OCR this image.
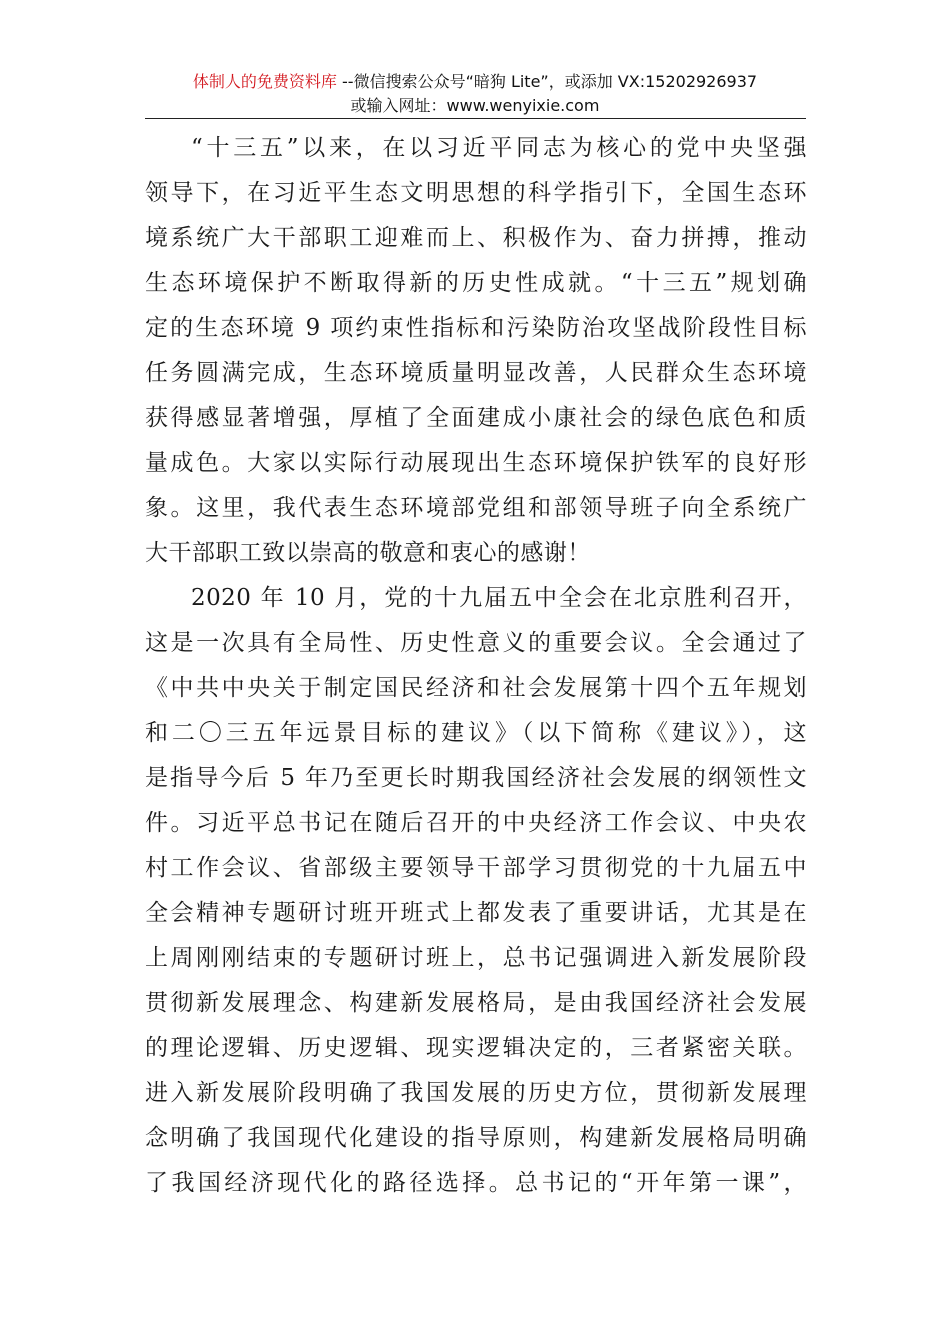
体制人的免费资料库 --微信搜索公众号“暗狗 Lite”，或添加 VX:15202926937
或输入网址：www.wenyixie.com
“十三五”以来，在以习近平同志为核心的党中央坚强
领导下，在习近平生态文明思想的科学指引下，全国生态环
境系统广大干部职工迎难而上、积极作为、奋力拼搏，推动
生态环境保护不断取得新的历史性成就。“十三五”规划确
定的生态环境 9 项约束性指标和污染防治攻坚战阶段性目标
任务圆满完成，生态环境质量明显改善，人民群众生态环境
获得感显著增强，厚植了全面建成小康社会的绿色底色和质
量成色。大家以实际行动展现出生态环境保护铁军的良好形
象。这里，我代表生态环境部党组和部领导班子向全系统广
大干部职工致以崇高的敬意和衷心的感谢！
2020 年 10 月，党的十九届五中全会在北京胜利召开，
这是一次具有全局性、历史性意义的重要会议。全会通过了
《中共中央关于制定国民经济和社会发展第十四个五年规划
和二〇三五年远景目标的建议》（以下简称《建议》），这
是指导今后 5 年乃至更长时期我国经济社会发展的纲领性文
件。习近平总书记在随后召开的中央经济工作会议、中央农
村工作会议、省部级主要领导干部学习贯彻党的十九届五中
全会精神专题研讨班开班式上都发表了重要讲话，尤其是在
上周刚刚结束的专题研讨班上，总书记强调进入新发展阶段
贯彻新发展理念、构建新发展格局，是由我国经济社会发展
的理论逻辑、历史逻辑、现实逻辑决定的，三者紧密关联。
进入新发展阶段明确了我国发展的历史方位，贯彻新发展理
念明确了我国现代化建设的指导原则，构建新发展格局明确
了我国经济现代化的路径选择。总书记的“开年第一课”，
